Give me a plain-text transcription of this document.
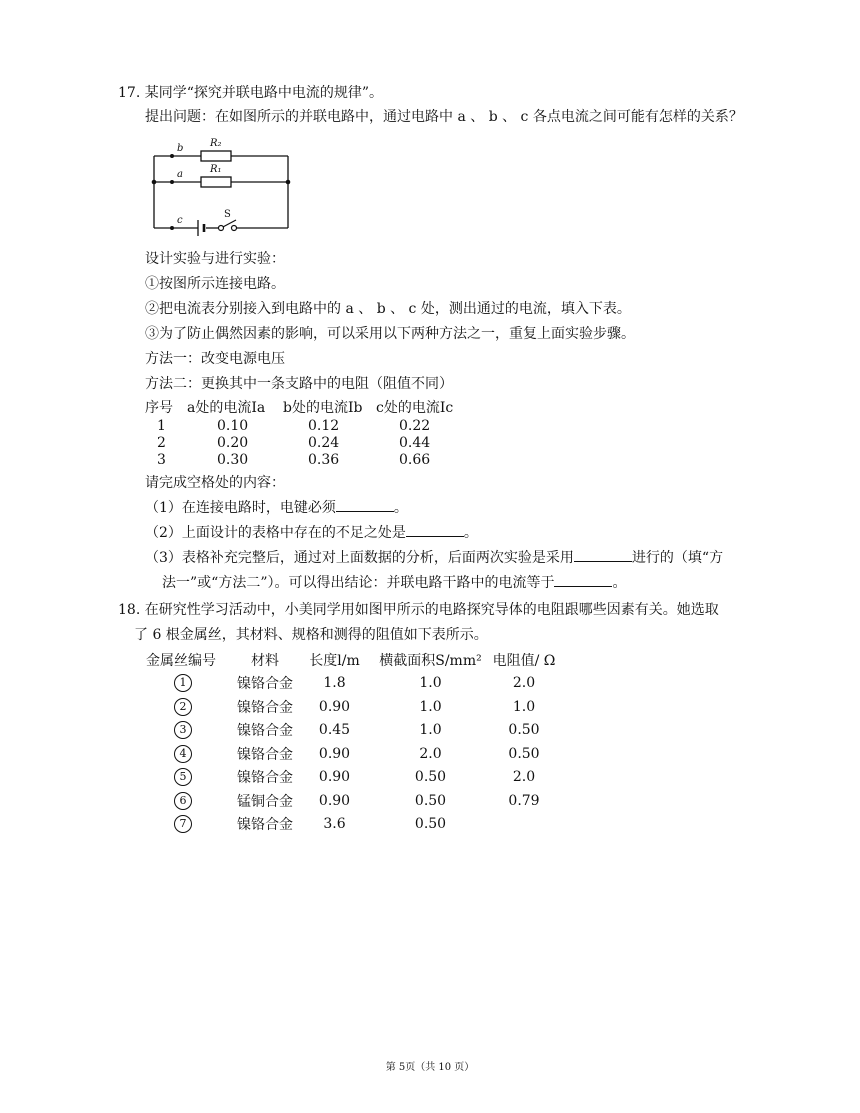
17. 某同学“探究并联电路中电流的规律”。
提出问题：在如图所示的并联电路中，通过电路中 a 、 b 、 c 各点电流之间可能有怎样的关系？
b
a
c
R₂
R₁
S
设计实验与进行实验：
①按图所示连接电路。
②把电流表分别接入到电路中的 a 、 b 、 c 处，测出通过的电流，填入下表。
③为了防止偶然因素的影响，可以采用以下两种方法之一，重复上面实验步骤。
方法一：改变电源电压
方法二：更换其中一条支路中的电阻（阻值不同）
序号	a处的电流Ia	b处的电流Ib	c处的电流Ic
1	0.10	0.12	0.22
2	0.20	0.24	0.44
3	0.30	0.36	0.66
请完成空格处的内容：
（1）在连接电路时，电键必须	。
（2）上面设计的表格中存在的不足之处是	。
（3）表格补充完整后，通过对上面数据的分析，后面两次实验是采用	进行的（填“方
法一”或“方法二”）。可以得出结论：并联电路干路中的电流等于	。
18. 在研究性学习活动中，小美同学用如图甲所示的电路探究导体的电阻跟哪些因素有关。她选取
了 6 根金属丝，其材料、规格和测得的阻值如下表所示。
金属丝编号	材料	长度l/m	横截面积S/mm²	电阻值/ Ω
1	镍铬合金	1.8	1.0	2.0
2	镍铬合金	0.90	1.0	1.0
3	镍铬合金	0.45	1.0	0.50
4	镍铬合金	0.90	2.0	0.50
5	镍铬合金	0.90	0.50	2.0
6	锰铜合金	0.90	0.50	0.79
7	镍铬合金	3.6	0.50	
第 5页（共 10 页）
